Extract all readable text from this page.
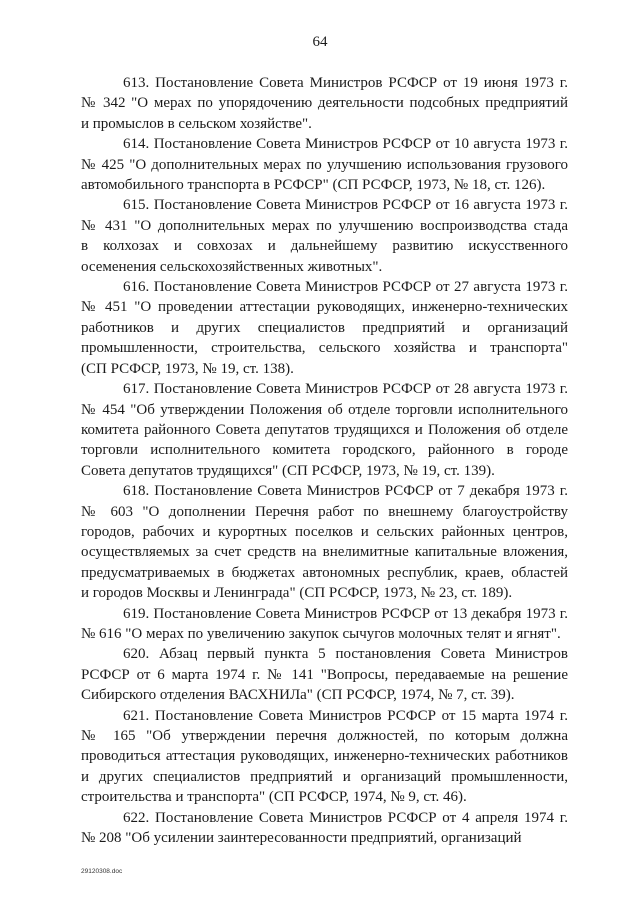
64
613. Постановление Совета Министров РСФСР от 19 июня 1973 г.
№ 342 "О мерах по упорядочению деятельности подсобных предприятий
и промыслов в сельском хозяйстве".
614. Постановление Совета Министров РСФСР от 10 августа 1973 г.
№ 425 "О дополнительных мерах по улучшению использования грузового
автомобильного транспорта в РСФСР" (СП РСФСР, 1973, № 18, ст. 126).
615. Постановление Совета Министров РСФСР от 16 августа 1973 г.
№ 431 "О дополнительных мерах по улучшению воспроизводства стада
в колхозах и совхозах и дальнейшему развитию искусственного
осеменения сельскохозяйственных животных".
616. Постановление Совета Министров РСФСР от 27 августа 1973 г.
№ 451 "О проведении аттестации руководящих, инженерно-технических
работников и других специалистов предприятий и организаций
промышленности, строительства, сельского хозяйства и транспорта"
(СП РСФСР, 1973, № 19, ст. 138).
617. Постановление Совета Министров РСФСР от 28 августа 1973 г.
№ 454 "Об утверждении Положения об отделе торговли исполнительного
комитета районного Совета депутатов трудящихся и Положения об отделе
торговли исполнительного комитета городского, районного в городе
Совета депутатов трудящихся" (СП РСФСР, 1973, № 19, ст. 139).
618. Постановление Совета Министров РСФСР от 7 декабря 1973 г.
№ 603 "О дополнении Перечня работ по внешнему благоустройству
городов, рабочих и курортных поселков и сельских районных центров,
осуществляемых за счет средств на внелимитные капитальные вложения,
предусматриваемых в бюджетах автономных республик, краев, областей
и городов Москвы и Ленинграда" (СП РСФСР, 1973, № 23, ст. 189).
619. Постановление Совета Министров РСФСР от 13 декабря 1973 г.
№ 616 "О мерах по увеличению закупок сычугов молочных телят и ягнят".
620. Абзац первый пункта 5 постановления Совета Министров
РСФСР от 6 марта 1974 г. № 141 "Вопросы, передаваемые на решение
Сибирского отделения ВАСХНИЛа" (СП РСФСР, 1974, № 7, ст. 39).
621. Постановление Совета Министров РСФСР от 15 марта 1974 г.
№ 165 "Об утверждении перечня должностей, по которым должна
проводиться аттестация руководящих, инженерно-технических работников
и других специалистов предприятий и организаций промышленности,
строительства и транспорта" (СП РСФСР, 1974, № 9, ст. 46).
622. Постановление Совета Министров РСФСР от 4 апреля 1974 г.
№ 208 "Об усилении заинтересованности предприятий, организаций
29120308.doc
